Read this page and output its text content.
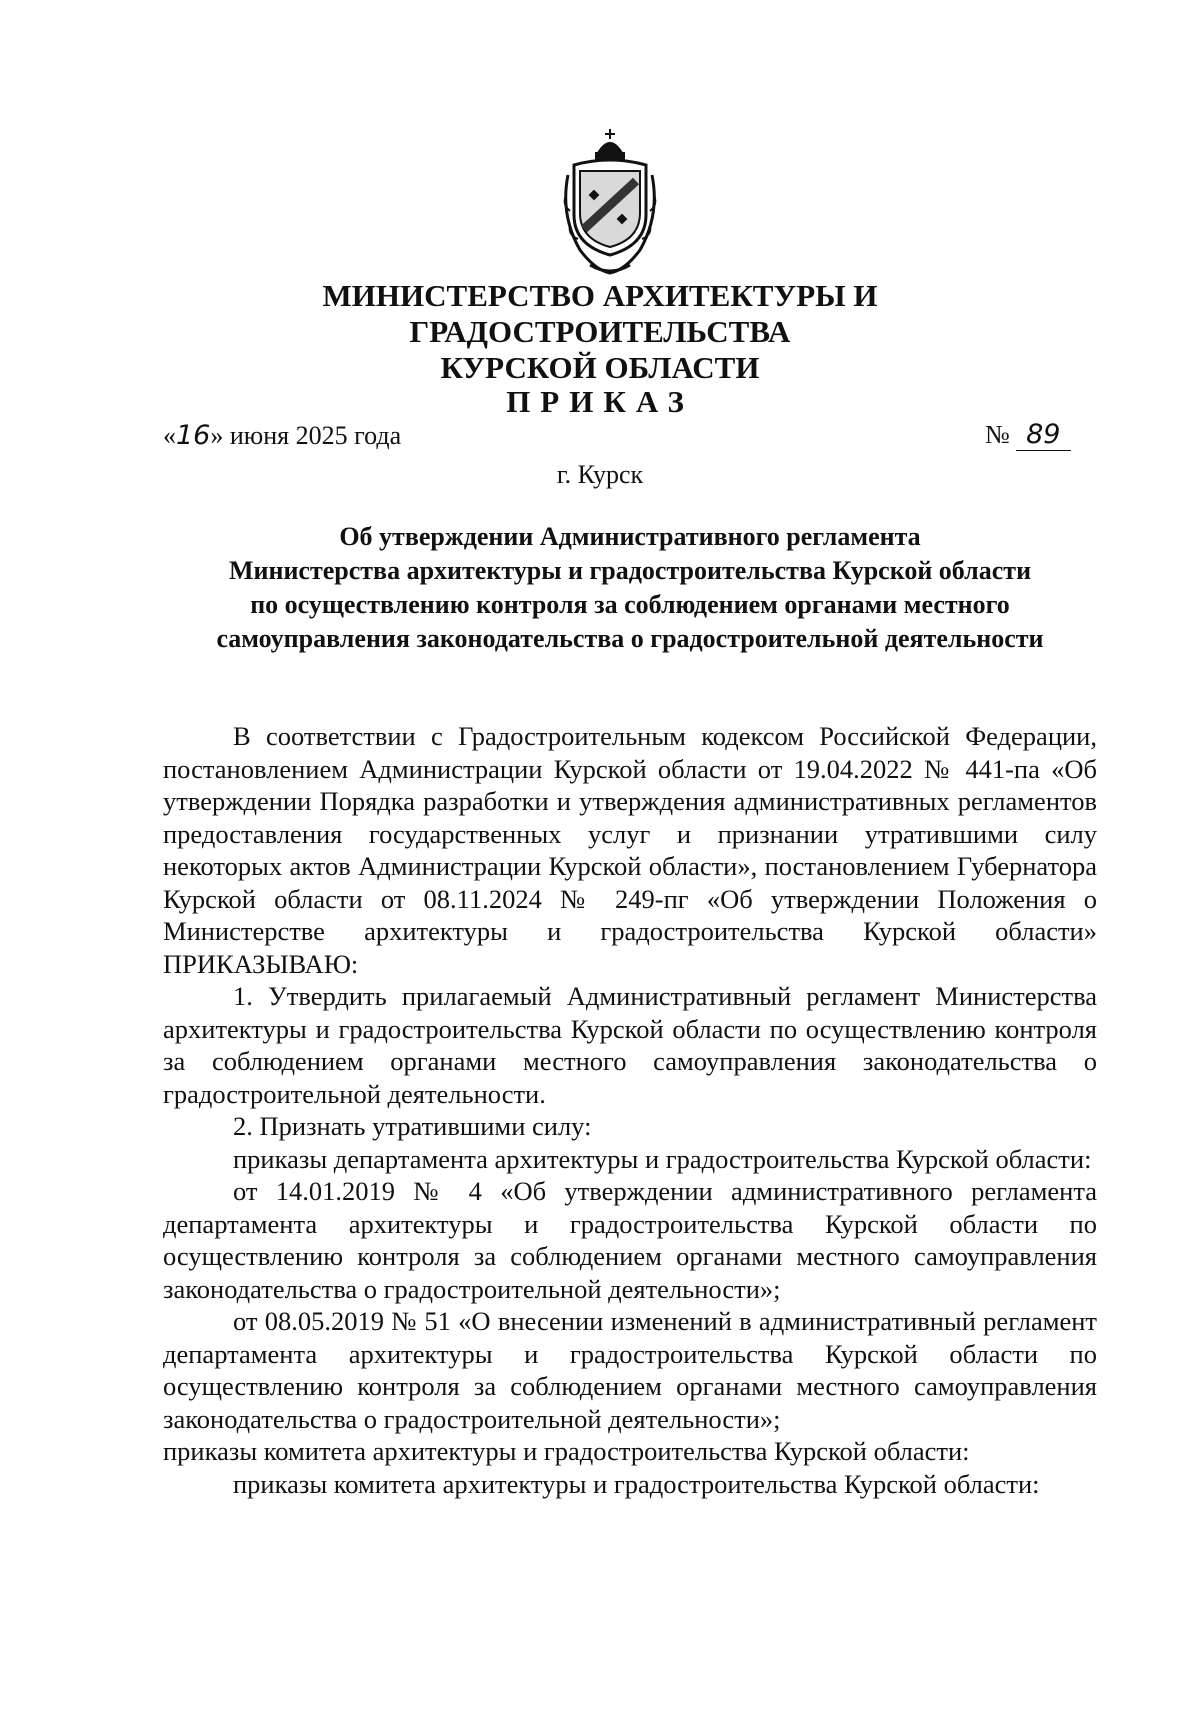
МИНИСТЕРСТВО АРХИТЕКТУРЫ И ГРАДОСТРОИТЕЛЬСТВА
КУРСКОЙ ОБЛАСТИ
ПРИКАЗ
«16» июня 2025 года	№ 89
г. Курск
Об утверждении Административного регламента
Министерства архитектуры и градостроительства Курской области
по осуществлению контроля за соблюдением органами местного
самоуправления законодательства о градостроительной деятельности

В соответствии с Градостроительным кодексом Российской Федерации, постановлением Администрации Курской области от 19.04.2022 № 441-па «Об утверждении Порядка разработки и утверждения административных регламентов предоставления государственных услуг и признании утратившими силу некоторых актов Администрации Курской области», постановлением Губернатора Курской области от 08.11.2024 № 249-пг «Об утверждении Положения о Министерстве архитектуры и градостроительства Курской области» ПРИКАЗЫВАЮ:

1. Утвердить прилагаемый Административный регламент Министерства архитектуры и градостроительства Курской области по осуществлению контроля за соблюдением органами местного самоуправления законодательства о градостроительной деятельности.

2. Признать утратившими силу:

приказы департамента архитектуры и градостроительства Курской области:

от 14.01.2019 № 4 «Об утверждении административного регламента департамента архитектуры и градостроительства Курской области по осуществлению контроля за соблюдением органами местного самоуправления законодательства о градостроительной деятельности»;

от 08.05.2019 № 51 «О внесении изменений в административный регламент департамента архитектуры и градостроительства Курской области по осуществлению контроля за соблюдением органами местного самоуправления законодательства о градостроительной деятельности»;

приказы комитета архитектуры и градостроительства Курской области:

приказы комитета архитектуры и градостроительства Курской области:
